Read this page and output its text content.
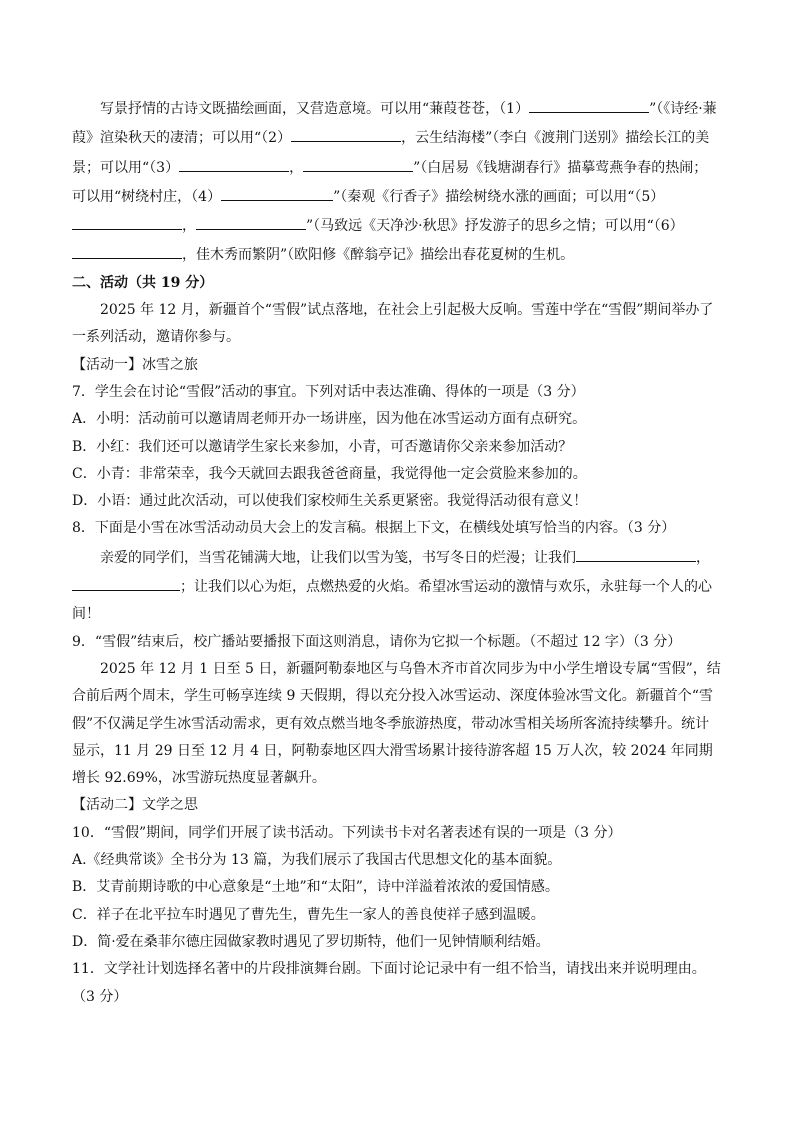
写景抒情的古诗文既描绘画面，又营造意境。可以用“蒹葭苍苍，（1）	”（《诗经·蒹葭》渲染秋天的凄清；可以用“（2）	，云生结海楼”（李白《渡荆门送别》描绘长江的美景；可以用“（3）	，	”（白居易《钱塘湖春行》描摹莺燕争春的热闹；可以用“树绕村庄，（4）	”（秦观《行香子》描绘树绕水涨的画面；可以用“（5），	”（马致远《天净沙·秋思》抒发游子的思乡之情；可以用“（6），佳木秀而繁阴”（欧阳修《醉翁亭记》描绘出春花夏树的生机。

二、活动（共 19 分）

2025 年 12 月，新疆首个“雪假”试点落地，在社会上引起极大反响。雪莲中学在“雪假”期间举办了一系列活动，邀请你参与。

【活动一】冰雪之旅

7．学生会在讨论“雪假”活动的事宜。下列对话中表达准确、得体的一项是（3 分）

A．小明：活动前可以邀请周老师开办一场讲座，因为他在冰雪运动方面有点研究。

B．小红：我们还可以邀请学生家长来参加，小青，可否邀请你父亲来参加活动？

C．小青：非常荣幸，我今天就回去跟我爸爸商量，我觉得他一定会赏脸来参加的。

D．小语：通过此次活动，可以使我们家校师生关系更紧密。我觉得活动很有意义！

8．下面是小雪在冰雪活动动员大会上的发言稿。根据上下文，在横线处填写恰当的内容。（3 分）

亲爱的同学们，当雪花铺满大地，让我们以雪为笺，书写冬日的烂漫；让我们	，；让我们以心为炬，点燃热爱的火焰。希望冰雪运动的激情与欢乐，永驻每一个人的心间！

9．“雪假”结束后，校广播站要播报下面这则消息，请你为它拟一个标题。（不超过 12 字）（3 分）

2025 年 12 月 1 日至 5 日，新疆阿勒泰地区与乌鲁木齐市首次同步为中小学生增设专属“雪假”，结合前后两个周末，学生可畅享连续 9 天假期，得以充分投入冰雪运动、深度体验冰雪文化。新疆首个“雪假”不仅满足学生冰雪活动需求，更有效点燃当地冬季旅游热度，带动冰雪相关场所客流持续攀升。统计显示，11 月 29 日至 12 月 4 日，阿勒泰地区四大滑雪场累计接待游客超 15 万人次，较 2024 年同期增长 92.69%，冰雪游玩热度显著飙升。

【活动二】文学之思

10．“雪假”期间，同学们开展了读书活动。下列读书卡对名著表述有误的一项是（3 分）

A.《经典常谈》全书分为 13 篇，为我们展示了我国古代思想文化的基本面貌。

B．艾青前期诗歌的中心意象是“土地”和“太阳”，诗中洋溢着浓浓的爱国情感。

C．祥子在北平拉车时遇见了曹先生，曹先生一家人的善良使祥子感到温暖。

D．简·爱在桑菲尔德庄园做家教时遇见了罗切斯特，他们一见钟情顺利结婚。

11．文学社计划选择名著中的片段排演舞台剧。下面讨论记录中有一组不恰当，请找出来并说明理由。（3 分）
